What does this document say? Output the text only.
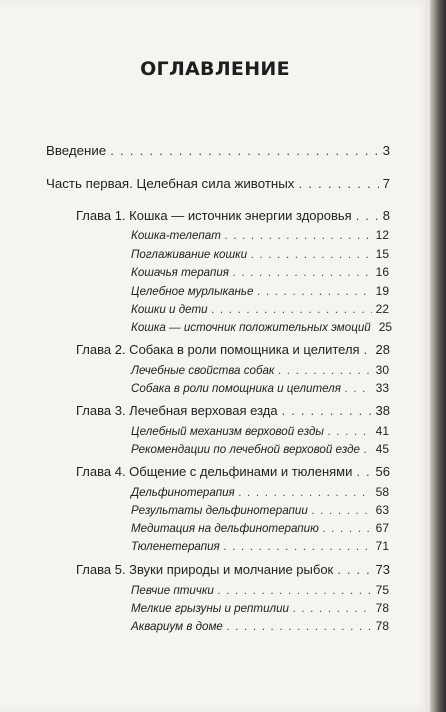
ОГЛАВЛЕНИЕ
Введение . . .	3
Часть первая. Целебная сила животных . . .	7
Глава 1. Кошка — источник энергии здоровья . . . 8
Кошка-телепат . . .	12
Поглаживание кошки . . .	15
Кошачья терапия . . .	16
Целебное мурлыканье . . .	19
Кошки и дети . . .	22
Кошка — источник положительных эмоций 25
Глава 2. Собака в роли помощника и целителя . . . 28
Лечебные свойства собак . . .	30
Собака в роли помощника и целителя . . .	33
Глава 3. Лечебная верховая езда . . .	38
Целебный механизм верховой езды . . .	41
Рекомендации по лечебной верховой езде . . . 45
Глава 4. Общение с дельфинами и тюленями . . . 56
Дельфинотерапия . . .	58
Результаты дельфинотерапии . . .	63
Медитация на дельфинотерапию . . .	67
Тюленетерапия . . .	71
Глава 5. Звуки природы и молчание рыбок . . .	73
Певчие птички . . .	75
Мелкие грызуны и рептилии . . .	78
Аквариум в доме . . .	78
